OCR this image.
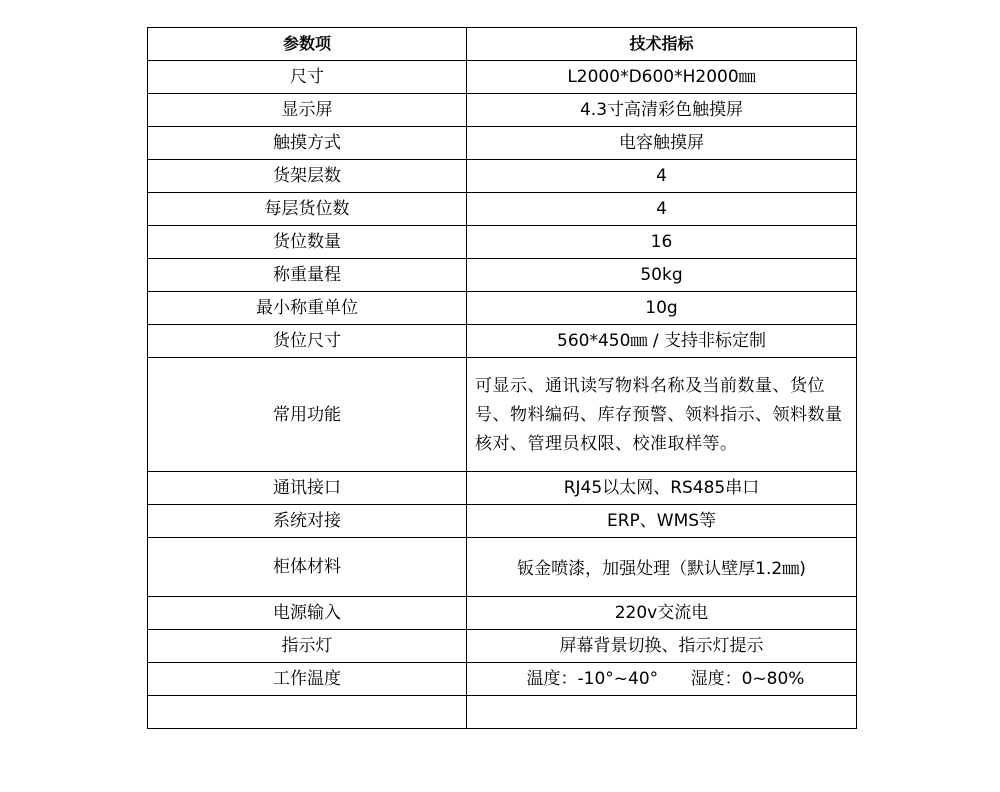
参数项	技术指标
尺寸	L2000*D600*H2000㎜
显示屏	4.3寸高清彩色触摸屏
触摸方式	电容触摸屏
货架层数	4
每层货位数	4
货位数量	16
称重量程	50kg
最小称重单位	10g
货位尺寸	560*450㎜ / 支持非标定制
常用功能	可显示、通讯读写物料名称及当前数量、货位号、物料编码、库存预警、领料指示、领料数量核对、管理员权限、校准取样等。

通讯接口	RJ45以太网、RS485串口
系统对接	ERP、WMS等
柜体材料	钣金喷漆，加强处理（默认壁厚1.2㎜)

电源输入	220v交流电
指示灯	屏幕背景切换、指示灯提示
工作温度	温度：-10°~40°      湿度：0~80%
